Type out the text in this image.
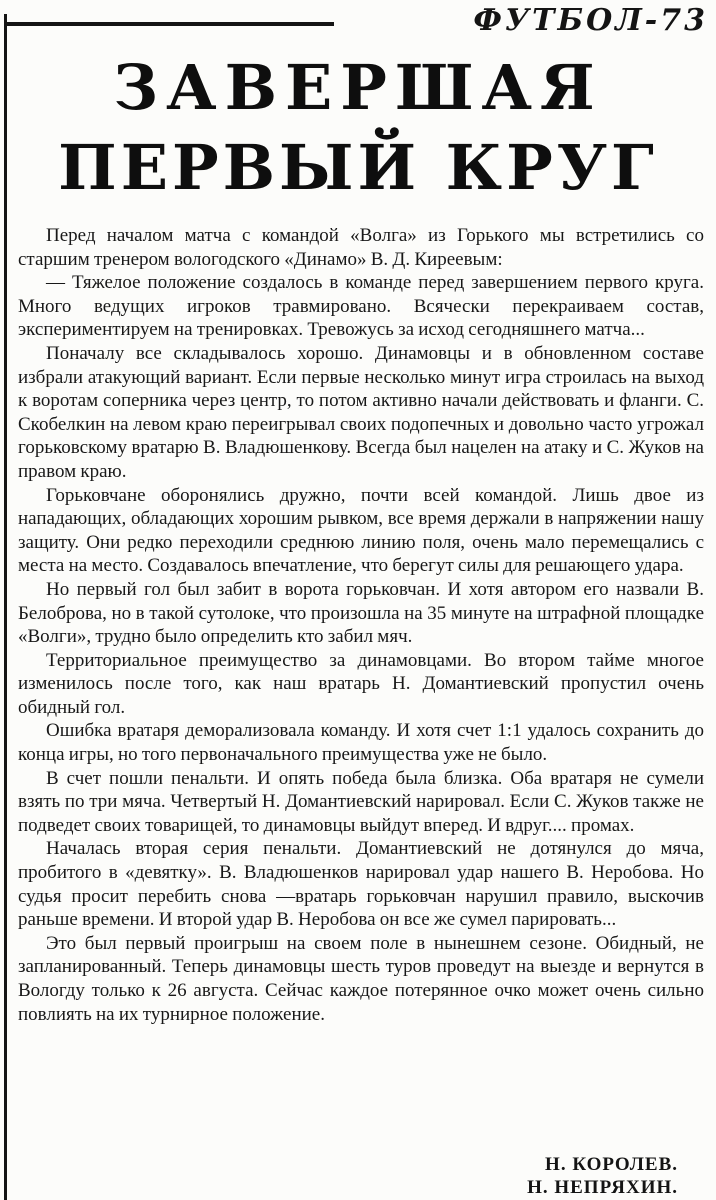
ФУТБОЛ-73
ЗАВЕРШАЯ
ПЕРВЫЙ КРУГ

Перед началом матча с командой «Волга» из Горького мы встретились со старшим тренером вологодского «Динамо» В. Д. Киреевым:

— Тяжелое положение создалось в команде перед завершением первого круга. Много ведущих игроков травмировано. Всячески перекраиваем состав, экспериментируем на тренировках. Тревожусь за исход сегодняшнего матча...

Поначалу все складывалось хорошо. Динамовцы и в обновленном составе избрали атакующий вариант. Если первые несколько минут игра строилась на выход к воротам соперника через центр, то потом активно начали действовать и фланги. С. Скобелкин на левом краю переигрывал своих подопечных и довольно часто угрожал горьковскому вратарю В. Владюшенкову. Всегда был нацелен на атаку и С. Жуков на правом краю.

Горьковчане оборонялись дружно, почти всей командой. Лишь двое из нападающих, обладающих хорошим рывком, все время держали в напряжении нашу защиту. Они редко переходили среднюю линию поля, очень мало перемещались с места на место. Создавалось впечатление, что берегут силы для решающего удара.

Но первый гол был забит в ворота горьковчан. И хотя автором его назвали В. Белоброва, но в такой сутолоке, что произошла на 35 минуте на штрафной площадке «Волги», трудно было определить кто забил мяч.

Территориальное преимущество за динамовцами. Во втором тайме многое изменилось после того, как наш вратарь Н. Домантиевский пропустил очень обидный гол.

Ошибка вратаря деморализовала команду. И хотя счет 1:1 удалось сохранить до конца игры, но того первоначального преимущества уже не было.

В счет пошли пенальти. И опять победа была близка. Оба вратаря не сумели взять по три мяча. Четвертый Н. Домантиевский нарировал. Если С. Жуков также не подведет своих товарищей, то динамовцы выйдут вперед. И вдруг.... промах.

Началась вторая серия пенальти. Домантиевский не дотянулся до мяча, пробитого в «девятку». В. Владюшенков нарировал удар нашего В. Неробова. Но судья просит перебить снова —вратарь горьковчан нарушил правило, выскочив раньше времени. И второй удар В. Неробова он все же сумел парировать...

Это был первый проигрыш на своем поле в нынешнем сезоне. Обидный, не запланированный. Теперь динамовцы шесть туров проведут на выезде и вернутся в Вологду только к 26 августа. Сейчас каждое потерянное очко может очень сильно повлиять на их турнирное положение.

Н. КОРОЛЕВ.
Н. НЕПРЯХИН.
